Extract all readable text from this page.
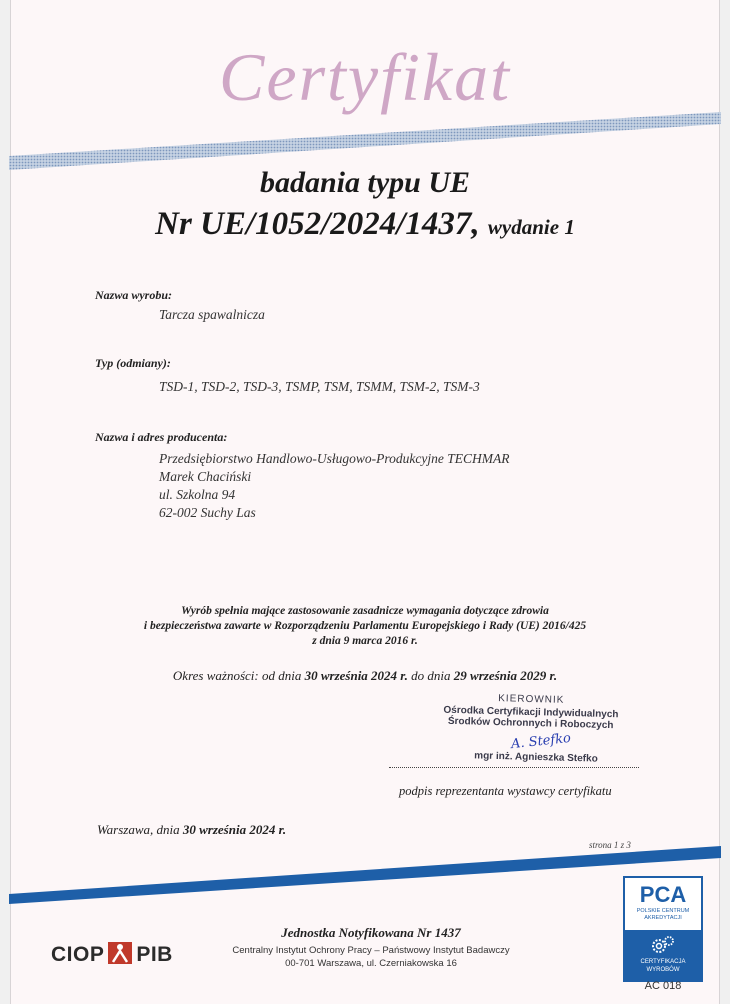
Certyfikat
badania typu UE
Nr UE/1052/2024/1437, wydanie 1
Nazwa wyrobu:
Tarcza spawalnicza
Typ (odmiany):
TSD-1, TSD-2, TSD-3, TSMP, TSM, TSMM, TSM-2, TSM-3
Nazwa i adres producenta:
Przedsiębiorstwo Handlowo-Usługowo-Produkcyjne TECHMAR
Marek Chaciński
ul. Szkolna 94
62-002 Suchy Las
Wyrób spełnia mające zastosowanie zasadnicze wymagania dotyczące zdrowia
i bezpieczeństwa zawarte w Rozporządzeniu Parlamentu Europejskiego i Rady (UE) 2016/425
z dnia 9 marca 2016 r.
Okres ważności: od dnia 30 września 2024 r. do dnia 29 września 2029 r.
KIEROWNIK
Ośrodka Certyfikacji Indywidualnych
Środków Ochronnych i Roboczych
A. Stefko
mgr inż. Agnieszka Stefko
podpis reprezentanta wystawcy certyfikatu
Warszawa, dnia 30 września 2024 r.
strona 1 z 3
CIOP PIB
Jednostka Notyfikowana Nr 1437
Centralny Instytut Ochrony Pracy – Państwowy Instytut Badawczy
00-701 Warszawa, ul. Czerniakowska 16
PCA
POLSKIE CENTRUM
AKREDYTACJI
CERTYFIKACJA
WYROBÓW
AC 018
